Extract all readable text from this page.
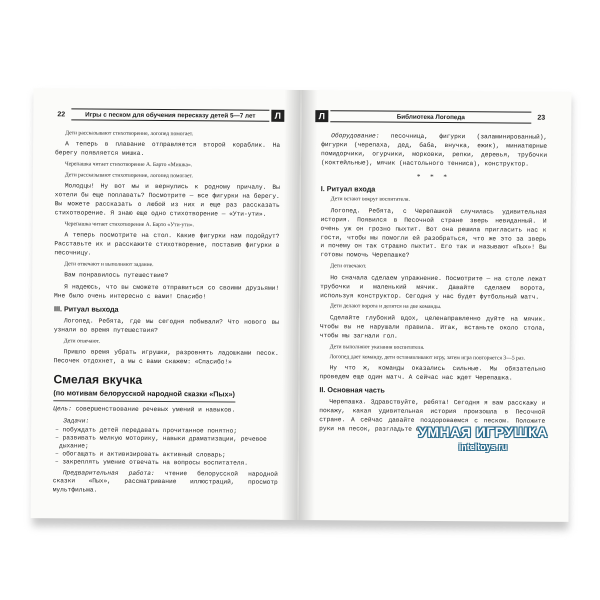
22	Игры с песком для обучения пересказу детей 5—7 лет	Л
Дети рассказывают стихотворение, логопед помогает.
А теперь в плавание отправляется второй кораблик. На берегу появляется мишка.
Черепашка читает стихотворение А. Барто «Мишка».
Дети рассказывают стихотворение, логопед помогает.
Молодцы! Ну вот мы и вернулись к родному причалу. Вы хотели бы еще поплавать? Посмотрите — все фигурки на берегу. Вы можете рассказать о любой из них и еще раз рассказать стихотворение. Я знаю еще одно стихотворение — «Ути-ути».
Черепашка читает стихотворение А. Барто «Ути-ути».
А теперь посмотрите на стол. Какие фигурки нам подойдут? Расставьте их и расскажите стихотворение, поставив фигурки в песочницу.
Дети отвечают и выполняют задание.
Вам понравилось путешествие?
Я надеюсь, что вы сможете отправиться со своими друзьями! Мне было очень интересно с вами! Спасибо!
III. Ритуал выхода
Логопед. Ребята, где мы сегодня побывали? Что нового вы узнали во время путешествия?
Дети отвечают.
Пришло время убрать игрушки, разровнять ладошками песок. Песочек отдохнет, а мы с вами скажем: «Спасибо!»
Смелая вкучка
(по мотивам белорусской народной сказки «Пых»)
Цель: совершенствование речевых умений и навыков.
Задачи:
– побуждать детей передавать прочитанное понятно;
– развивать мелкую моторику, навыки драматизации, речевое дыхание;
– обогащать и активизировать активный словарь;
– закреплять умение отвечать на вопросы воспитателя.
Предварительная работа: чтение белорусской народной сказки «Пых», рассматривание иллюстраций, просмотр мультфильма.
Л	Библиотека Логопеда	23
Оборудование: песочница, фигурки (заламинированный), фигурки (черепаха, дед, баба, внучка, ежик), миниатюрные помидорчики, огурчики, морковки, репки, деревья, трубочки (коктейльные), мячик (настольного тенниса), конструктор.
* * *
I. Ритуал входа
Дети встают вокруг воспитателя.
Логопед. Ребята, с Черепашкой случилась удивительная история. Появился в Песочной стране зверь невиданный. И очень уж он грозно пыхтит. Вот она решила пригласить нас к гости, чтобы мы помогли ей разобраться, что же это за зверь и почему он так страшно пыхтит. Его так и называют «Пых»! Вы готовы помочь Черепашке?
Дети отвечают.
Но сначала сделаем упражнение. Посмотрите — на столе лежат трубочки и маленький мячик. Давайте сделаем ворота, используя конструктор. Сегодня у нас будет футбольный матч.
Дети делают ворота и делятся на две команды.
Сделайте глубокий вдох, целенаправленно дуйте на мячик. Чтобы вы не нарушали правила. Итак, встаньте около стола, чтобы мы загнали гол.
Дети выполняют указания воспитателя.
Логопед дает команду, дети останавливают игру, затем игра повторяется 3—5 раз.
Ну что ж, команды оказались сильные. Мы обязательно проведем еще один матч. А сейчас нас ждет Черепашка.
II. Основная часть
Черепашка. Здравствуйте, ребята! Сегодня я вам расскажу и покажу, какая удивительная история произошла в Песочной стране. А сейчас давайте поздороваемся с песком. Положите руки на песок, разгладьте его.
УМНАЯ ИГРУШКА
inteltoys.ru
